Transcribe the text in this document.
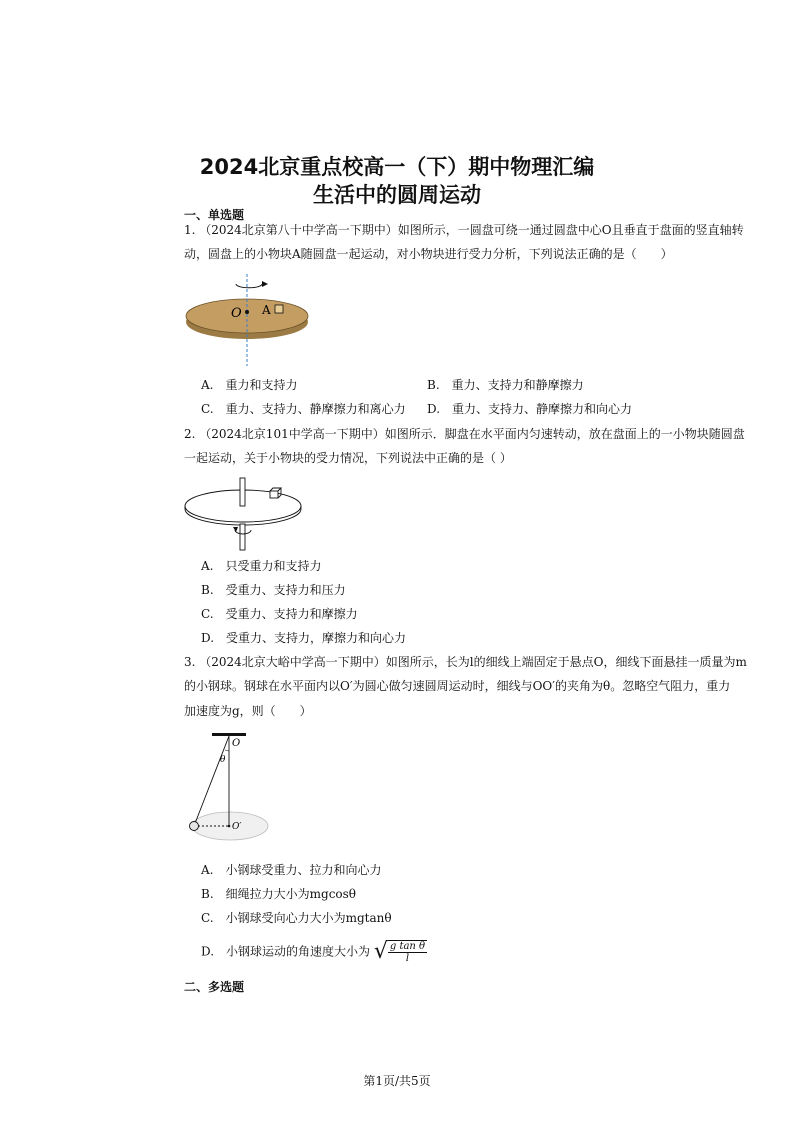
2024北京重点校高一（下）期中物理汇编
生活中的圆周运动
一、单选题
1. （2024北京第八十中学高一下期中）如图所示，一圆盘可绕一通过圆盘中心O且垂直于盘面的竖直轴转
动，圆盘上的小物块A随圆盘一起运动，对小物块进行受力分析，下列说法正确的是（　　）
O A
A.　重力和支持力	B.　重力、支持力和静摩擦力
C.　重力、支持力、静摩擦力和离心力 D.　重力、支持力、静摩擦力和向心力
2. （2024北京101中学高一下期中）如图所示．脚盘在水平面内匀速转动，放在盘面上的一小物块随圆盘
一起运动，关于小物块的受力情况，下列说法中正确的是（ ）
A.　只受重力和支持力
B.　受重力、支持力和压力
C.　受重力、支持力和摩擦力
D.　受重力、支持力，摩擦力和向心力
3. （2024北京大峪中学高一下期中）如图所示，长为l的细线上端固定于悬点O，细线下面悬挂一质量为m
的小钢球。钢球在水平面内以O′为圆心做匀速圆周运动时，细线与OO′的夹角为θ。忽略空气阻力，重力
加速度为g，则（　　）
O
θ
O′
A.　小钢球受重力、拉力和向心力
B.　细绳拉力大小为mgcosθ
C.　小钢球受向心力大小为mgtanθ
D.　小钢球运动的角速度大小为 √ $\frac{\text{g tan θ}}{l}$
二、多选题
第1页/共5页
